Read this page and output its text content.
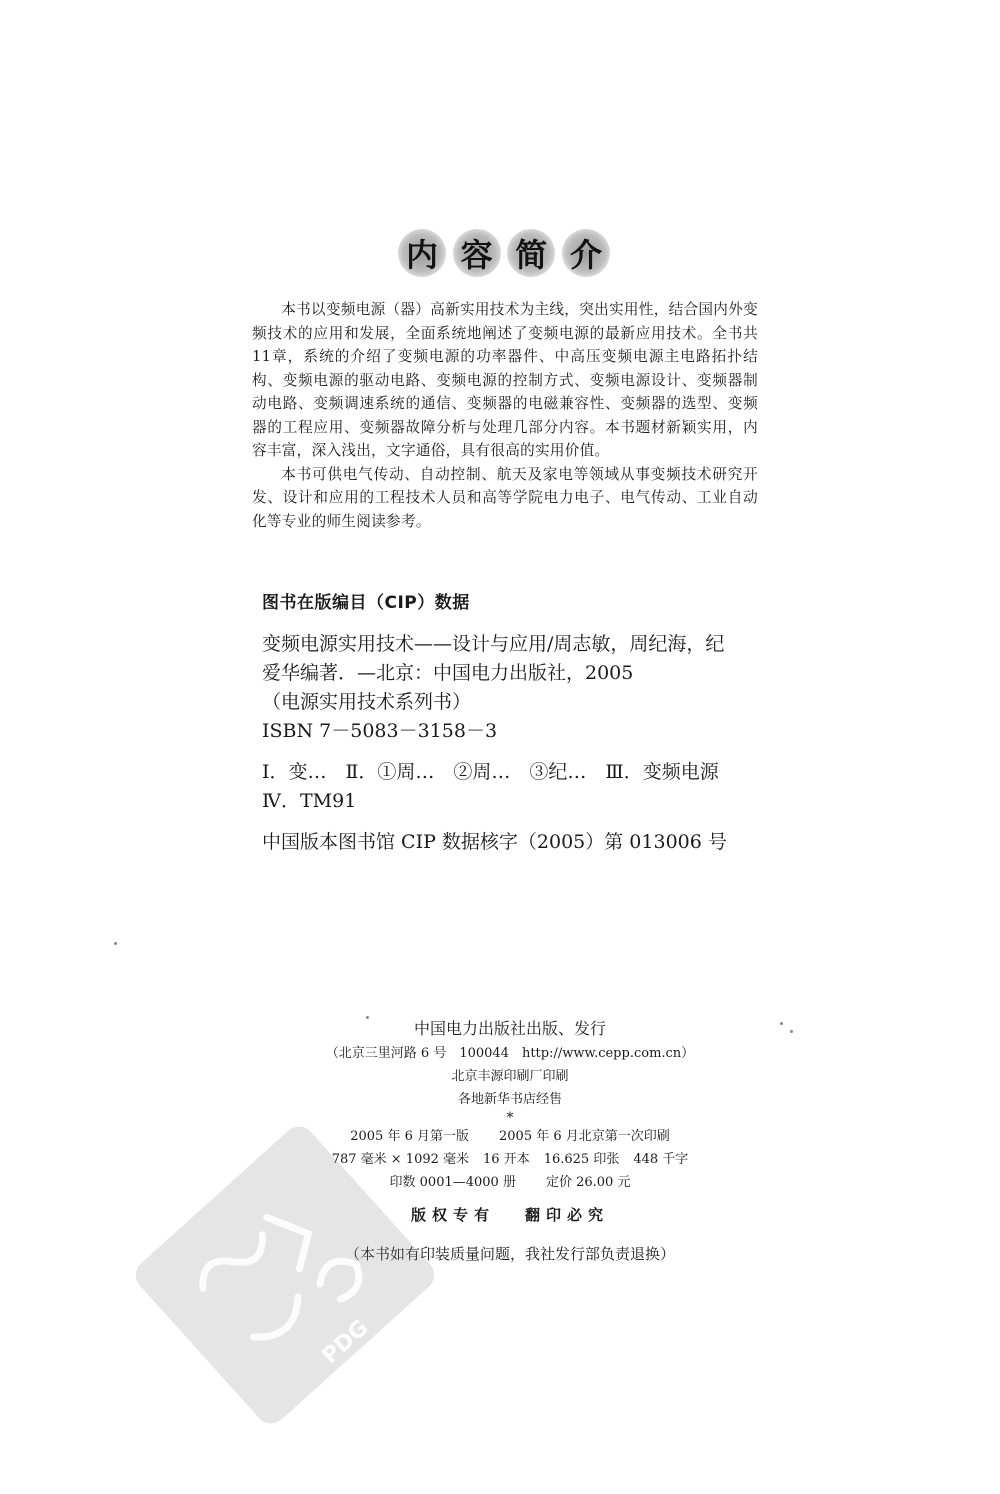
内 容 简 介

本书以变频电源（器）高新实用技术为主线，突出实用性，结合国内外变频技术的应用和发展，全面系统地阐述了变频电源的最新应用技术。全书共11章，系统的介绍了变频电源的功率器件、中高压变频电源主电路拓扑结构、变频电源的驱动电路、变频电源的控制方式、变频电源设计、变频器制动电路、变频调速系统的通信、变频器的电磁兼容性、变频器的选型、变频器的工程应用、变频器故障分析与处理几部分内容。本书题材新颖实用，内容丰富，深入浅出，文字通俗，具有很高的实用价值。

本书可供电气传动、自动控制、航天及家电等领域从事变频技术研究开发、设计和应用的工程技术人员和高等学院电力电子、电气传动、工业自动化等专业的师生阅读参考。

图书在版编目（CIP）数据
变频电源实用技术——设计与应用/周志敏，周纪海，纪
爱华编著．—北京：中国电力出版社，2005
（电源实用技术系列书）
ISBN 7－5083－3158－3
Ⅰ．变…　Ⅱ．①周…　②周…　③纪…　Ⅲ．变频电源
Ⅳ．TM91
中国版本图书馆 CIP 数据核字（2005）第 013006 号
中国电力出版社出版、发行
（北京三里河路 6 号　100044　http://www.cepp.com.cn）
北京丰源印刷厂印刷
各地新华书店经售
*
2005 年 6 月第一版 2005 年 6 月北京第一次印刷
787 毫米 × 1092 毫米 16 开本 16.625 印张 448 千字
印数 0001—4000 册 定价 26.00 元
版权专有 翻印必究
（本书如有印装质量问题，我社发行部负责退换）
PDG
